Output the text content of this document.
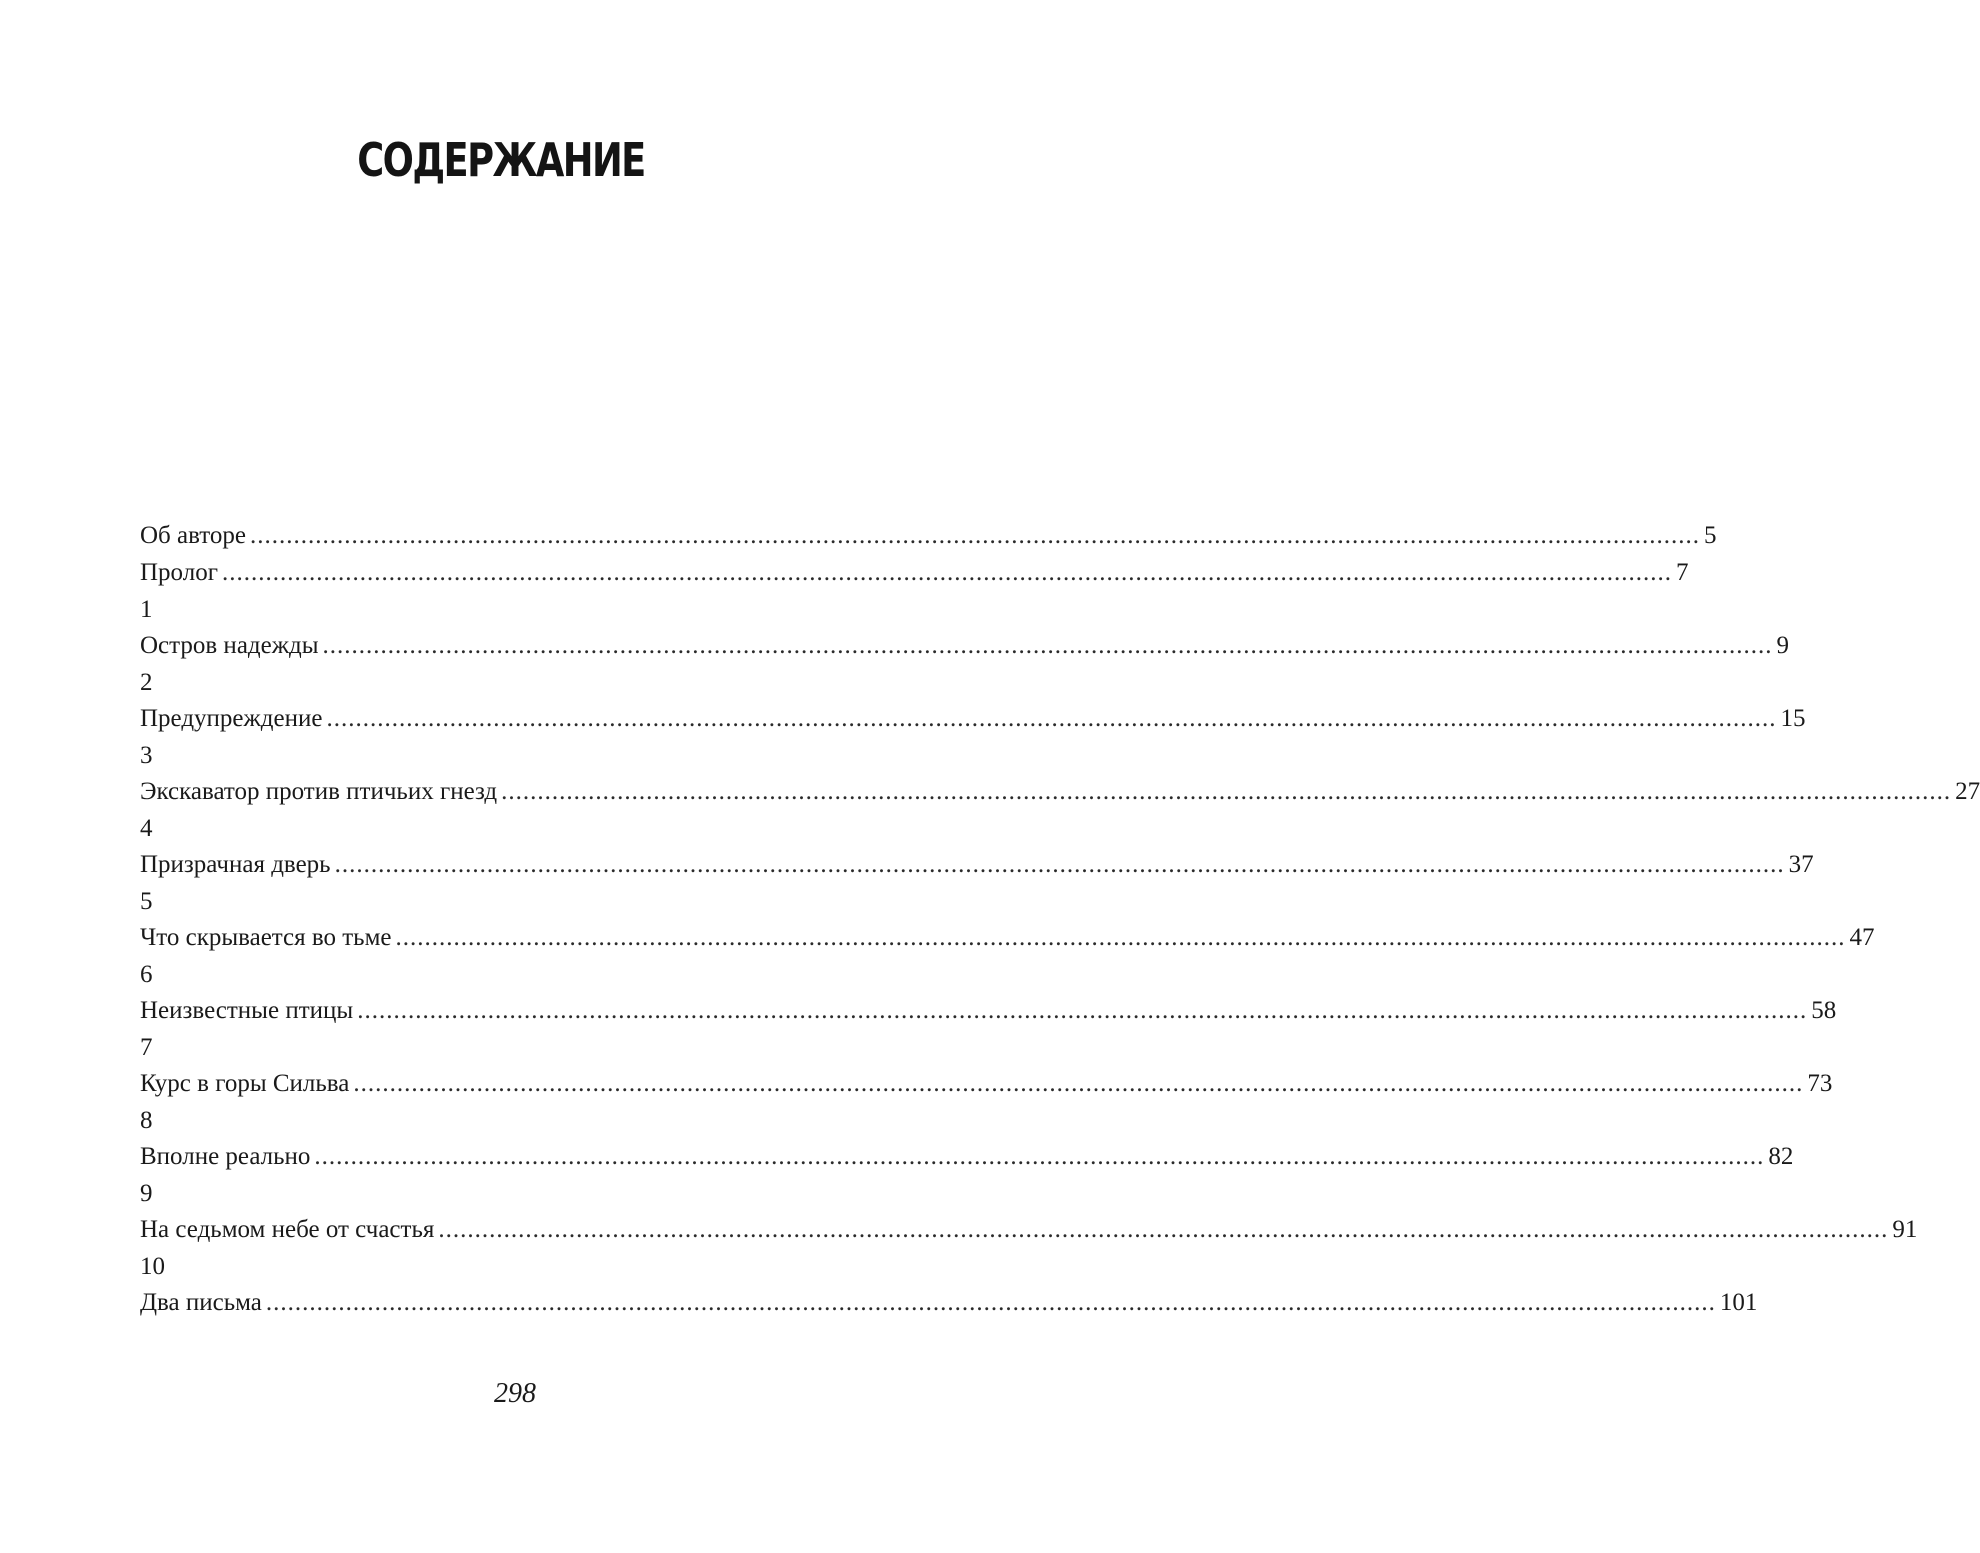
СОДЕРЖАНИЕ
Об авторе ........................................................................................................................................................................................................ 5
Пролог ........................................................................................................................................................................................................ 7
1
Остров надежды ........................................................................................................................................................................................................ 9
2
Предупреждение ........................................................................................................................................................................................................ 15
3
Экскаватор против птичьих гнезд ........................................................................................................................................................................................................ 27
4
Призрачная дверь ........................................................................................................................................................................................................ 37
5
Что скрывается во тьме ........................................................................................................................................................................................................ 47
6
Неизвестные птицы ........................................................................................................................................................................................................ 58
7
Курс в горы Сильва ........................................................................................................................................................................................................ 73
8
Вполне реально ........................................................................................................................................................................................................ 82
9
На седьмом небе от счастья ........................................................................................................................................................................................................ 91
10
Два письма ........................................................................................................................................................................................................ 101
298
